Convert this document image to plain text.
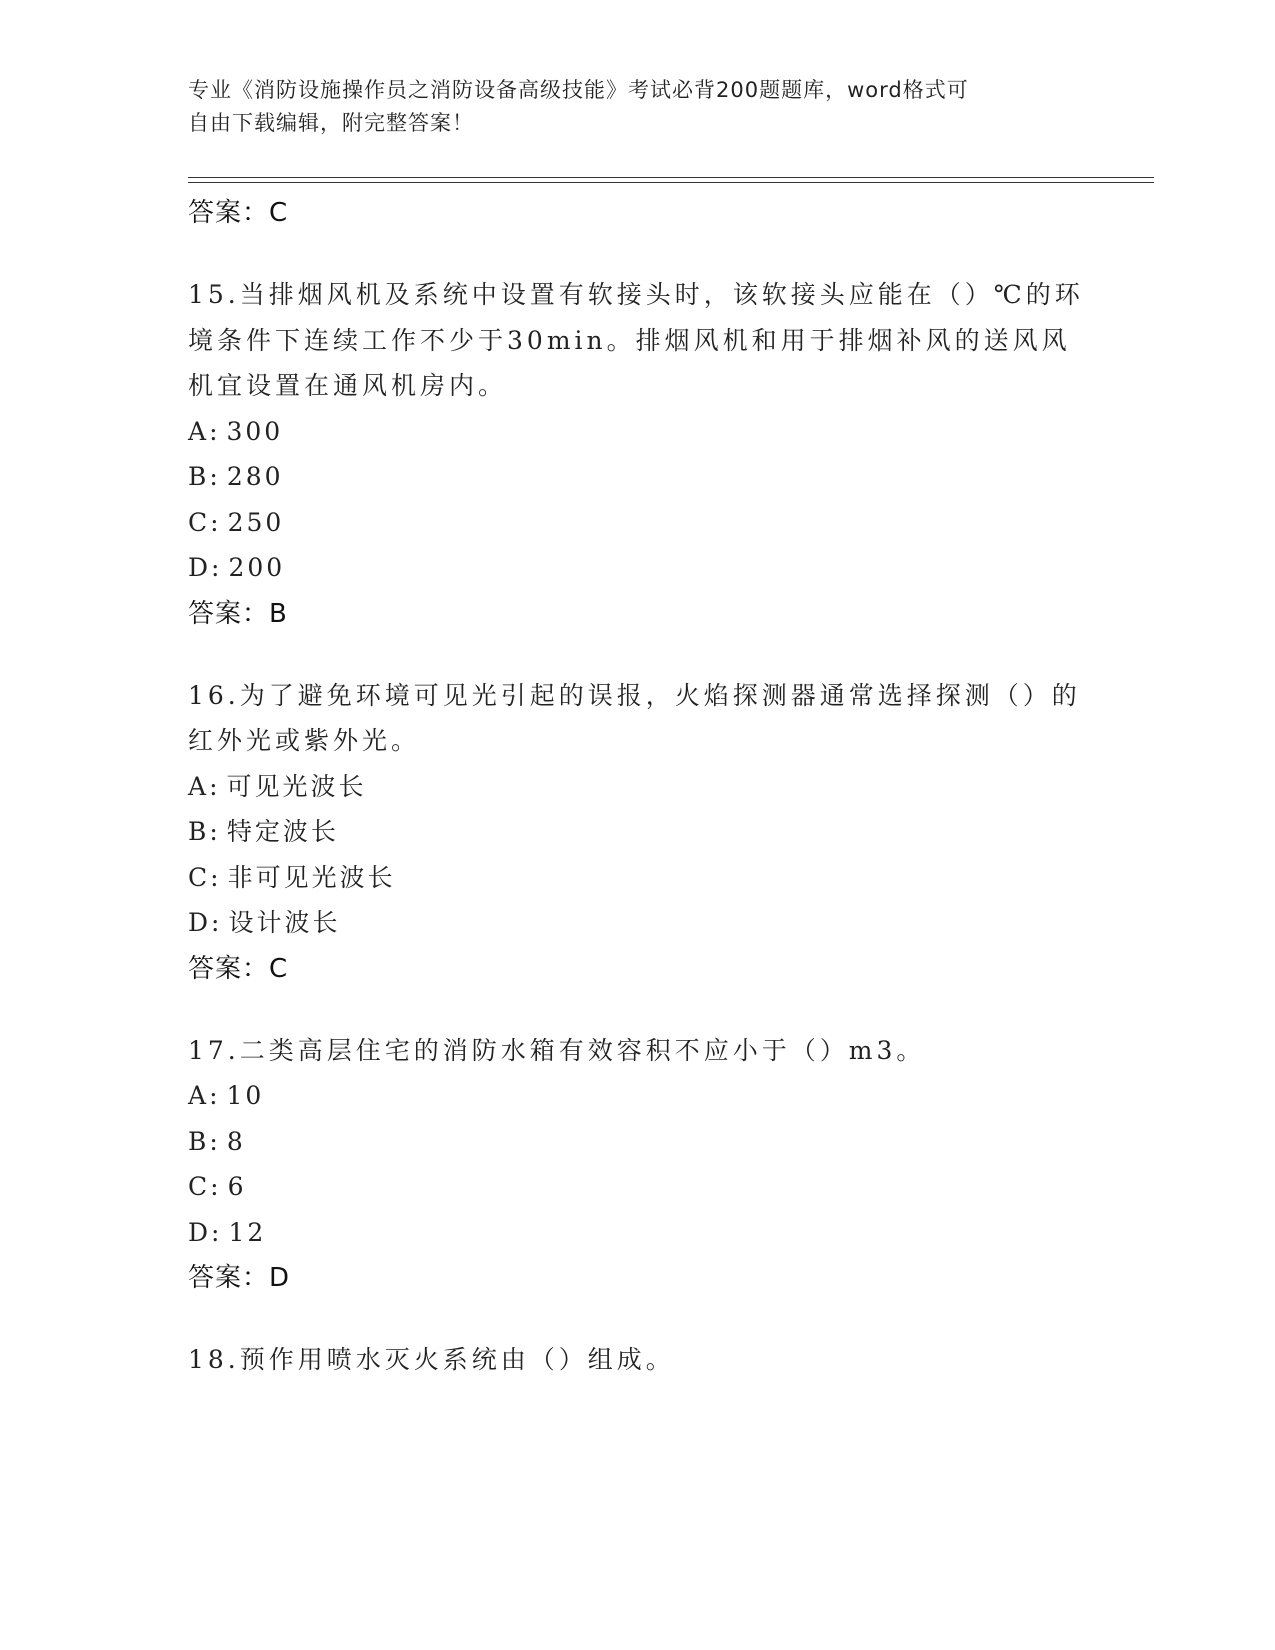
专业《消防设施操作员之消防设备高级技能》考试必背200题题库，word格式可
自由下载编辑，附完整答案！
答案：C
15.当排烟风机及系统中设置有软接头时，该软接头应能在（）℃的环境条件下连续工作不少于30min。排烟风机和用于排烟补风的送风风机宜设置在通风机房内。
A: 300
B: 280
C: 250
D: 200
答案：B
16.为了避免环境可见光引起的误报，火焰探测器通常选择探测（）的红外光或紫外光。
A: 可见光波长
B: 特定波长
C: 非可见光波长
D: 设计波长
答案：C
17.二类高层住宅的消防水箱有效容积不应小于（）m3。
A: 10
B: 8
C: 6
D: 12
答案：D
18.预作用喷水灭火系统由（）组成。
